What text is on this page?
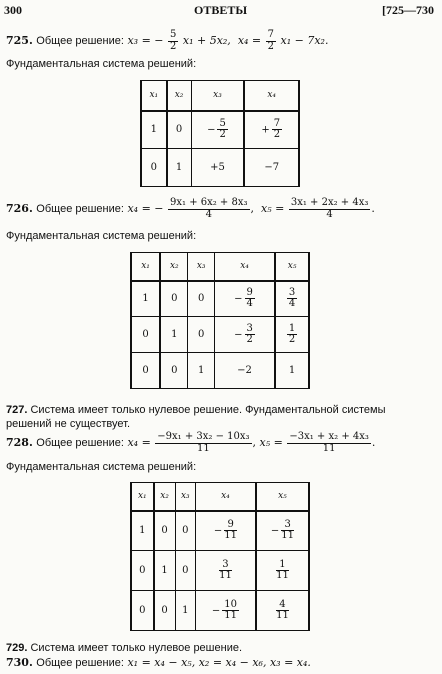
300	ОТВЕТЫ	[725—730
725. Общее решение: x₃ = − $\frac{5}{2} x_1 + 5x_2$, $x_4 = \frac{7}{2} x_1 - 7x_2$.
Фундаментальная система решений:
x₁	x₂	x₃	x₄
1	0	−  $\frac{5}{2}$	+  $\frac{7}{2}$

0	1	+5	−7
726. Общее решение: x₄ = − $\frac{\text{9x₁ + 6x₂ + 8x₃}}{4}$ ,  $x_5 = \frac{\text{3x₁ + 2x₂ + 4x₃}}{4}$ .
Фундаментальная система решений:
x₁	x₂	x₃	x₄	x₅
1	0	0	−  $\frac{9}{4}$	$\frac{3}{4}$

0	1	0	−  $\frac{3}{2}$	$\frac{1}{2}$

0	0	1	−2	1
727. Система имеет только нулевое решение. Фундаментальной системы
решений не существует.
728. Общее решение: $x_4 = \frac{\text{−9x₁ + 3x₂ − 10x₃}}{11}$ , $x_5 = \frac{\text{−3x₁ + x₂ + 4x₃}}{11}$ .
Фундаментальная система решений:
x₁	x₂	x₃	x₄	x₅
1	0	0	−  $\frac{9}{11}$	−  $\frac{3}{11}$

0	1	0	$\frac{3}{11}$	$\frac{1}{11}$

0	0	1	−  $\frac{10}{11}$	$\frac{4}{11}$
729. Система имеет только нулевое решение.
730. Общее решение: x₁ = x₄ − x₅, x₂ = x₄ − x₆, x₃ = x₄.
